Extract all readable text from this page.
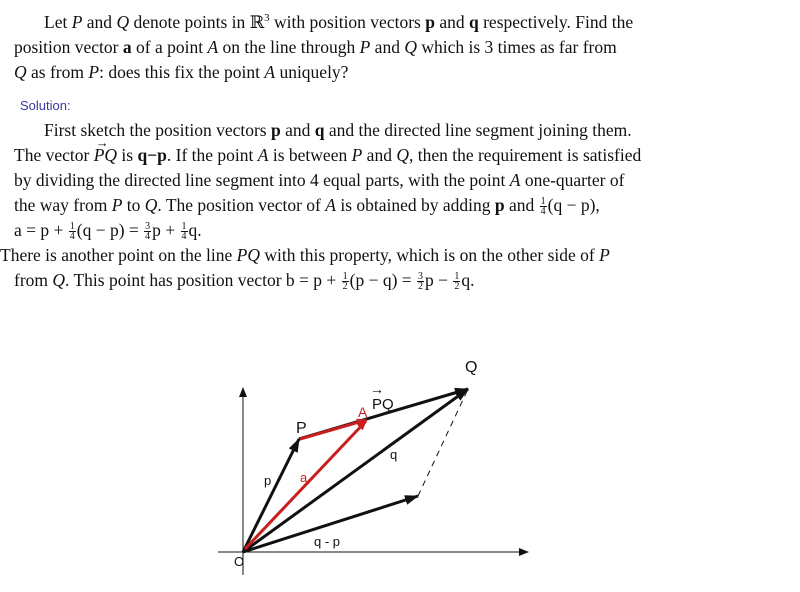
Let P and Q denote points in ℝ$^3$ with position vectors p and q respectively. Find the
position vector a of a point A on the line through P and Q which is 3 times as far from
Q as from P: does this fix the point A uniquely?
Solution:
First sketch the position vectors p and q and the directed line segment joining them.
The vector → PQ is q−p. If the point A is between P and Q, then the requirement is satisfied
by dividing the directed line segment into 4 equal parts, with the point A one-quarter of
the way from P to Q. The position vector of A is obtained by adding p and $\frac{1}{4} (q - p)$,
$a = p + \frac{1}{4} (q - p) = \frac{3}{4}$ $p + \frac{1}{4} q$.
There is another point on the line PQ with this property, which is on the other side of P
from Q. This point has position vector $b = p + \frac{1}{2} (p - q) = \frac{3}{2}$ $p - \frac{1}{2} q$.
Q
PQ
→
A
P
q
a
p
q - p
O
